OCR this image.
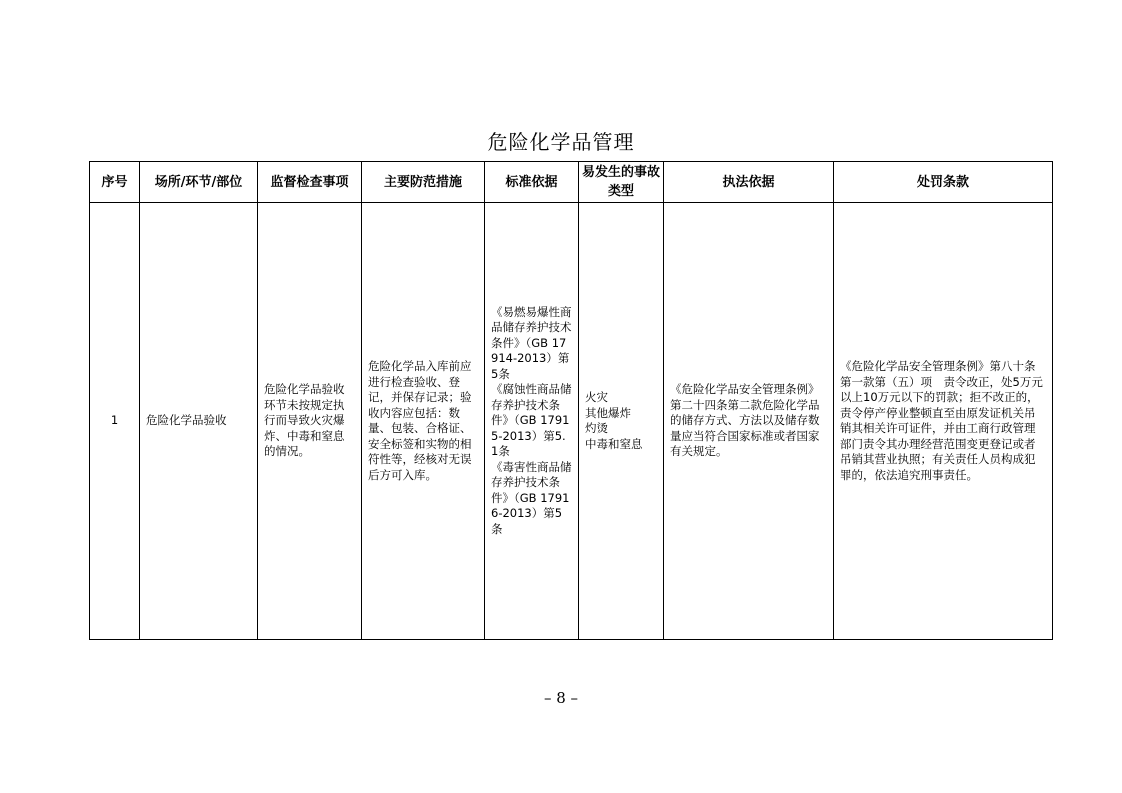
危险化学品管理
序号	场所/环节/部位	监督检查事项	主要防范措施	标准依据	易发生的事故类型	执法依据	处罚条款
1	危险化学品验收	危险化学品验收环节未按规定执行而导致火灾爆炸、中毒和窒息的情况。	危险化学品入库前应进行检查验收、登记，并保存记录；验收内容应包括：数量、包装、合格证、安全标签和实物的相符性等，经核对无误后方可入库。	《易燃易爆性商品储存养护技术条件》（GB 17914-2013）第5条
《腐蚀性商品储存养护技术条件》（GB 17915-2013）第5.1条
《毒害性商品储存养护技术条件》（GB 17916-2013）第5条	火灾
其他爆炸
灼烫
中毒和窒息	《危险化学品安全管理条例》第二十四条第二款危险化学品的储存方式、方法以及储存数量应当符合国家标准或者国家有关规定。	《危险化学品安全管理条例》第八十条第一款第（五）项　责令改正，处5万元以上10万元以下的罚款；拒不改正的，责令停产停业整顿直至由原发证机关吊销其相关许可证件，并由工商行政管理部门责令其办理经营范围变更登记或者吊销其营业执照；有关责任人员构成犯罪的，依法追究刑事责任。
– 8 –
